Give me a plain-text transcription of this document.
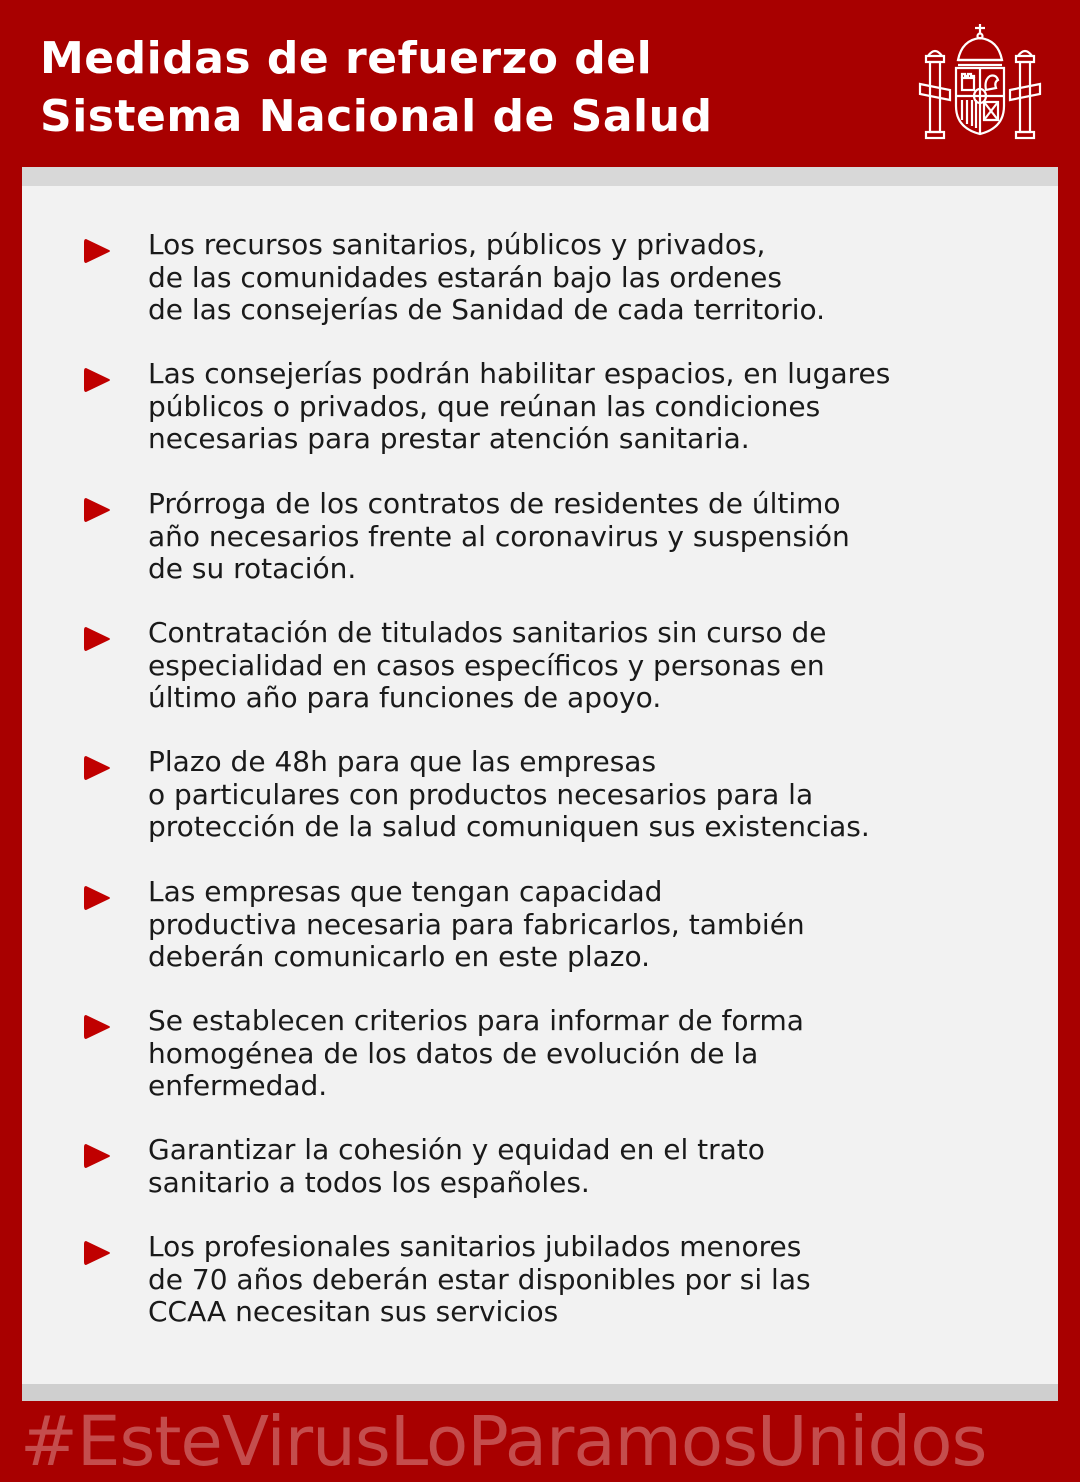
Medidas de refuerzo del
Sistema Nacional de Salud
Los recursos sanitarios, públicos y privados,
de las comunidades estarán bajo las ordenes
de las consejerías de Sanidad de cada territorio.
Las consejerías podrán habilitar espacios, en lugares
públicos o privados, que reúnan las condiciones
necesarias para prestar atención sanitaria.
Prórroga de los contratos de residentes de último
año necesarios frente al coronavirus y suspensión
de su rotación.
Contratación de titulados sanitarios sin curso de
especialidad en casos específicos y personas en
último año para funciones de apoyo.
Plazo de 48h para que las empresas
o particulares con productos necesarios para la
protección de la salud comuniquen sus existencias.
Las empresas que tengan capacidad
productiva necesaria para fabricarlos, también
deberán comunicarlo en este plazo.
Se establecen criterios para informar de forma
homogénea de los datos de evolución de la
enfermedad.
Garantizar la cohesión y equidad en el trato
sanitario a todos los españoles.
Los profesionales sanitarios jubilados menores
de 70 años deberán estar disponibles por si las
CCAA necesitan sus servicios
#EsteVirusLoParamosUnidos
